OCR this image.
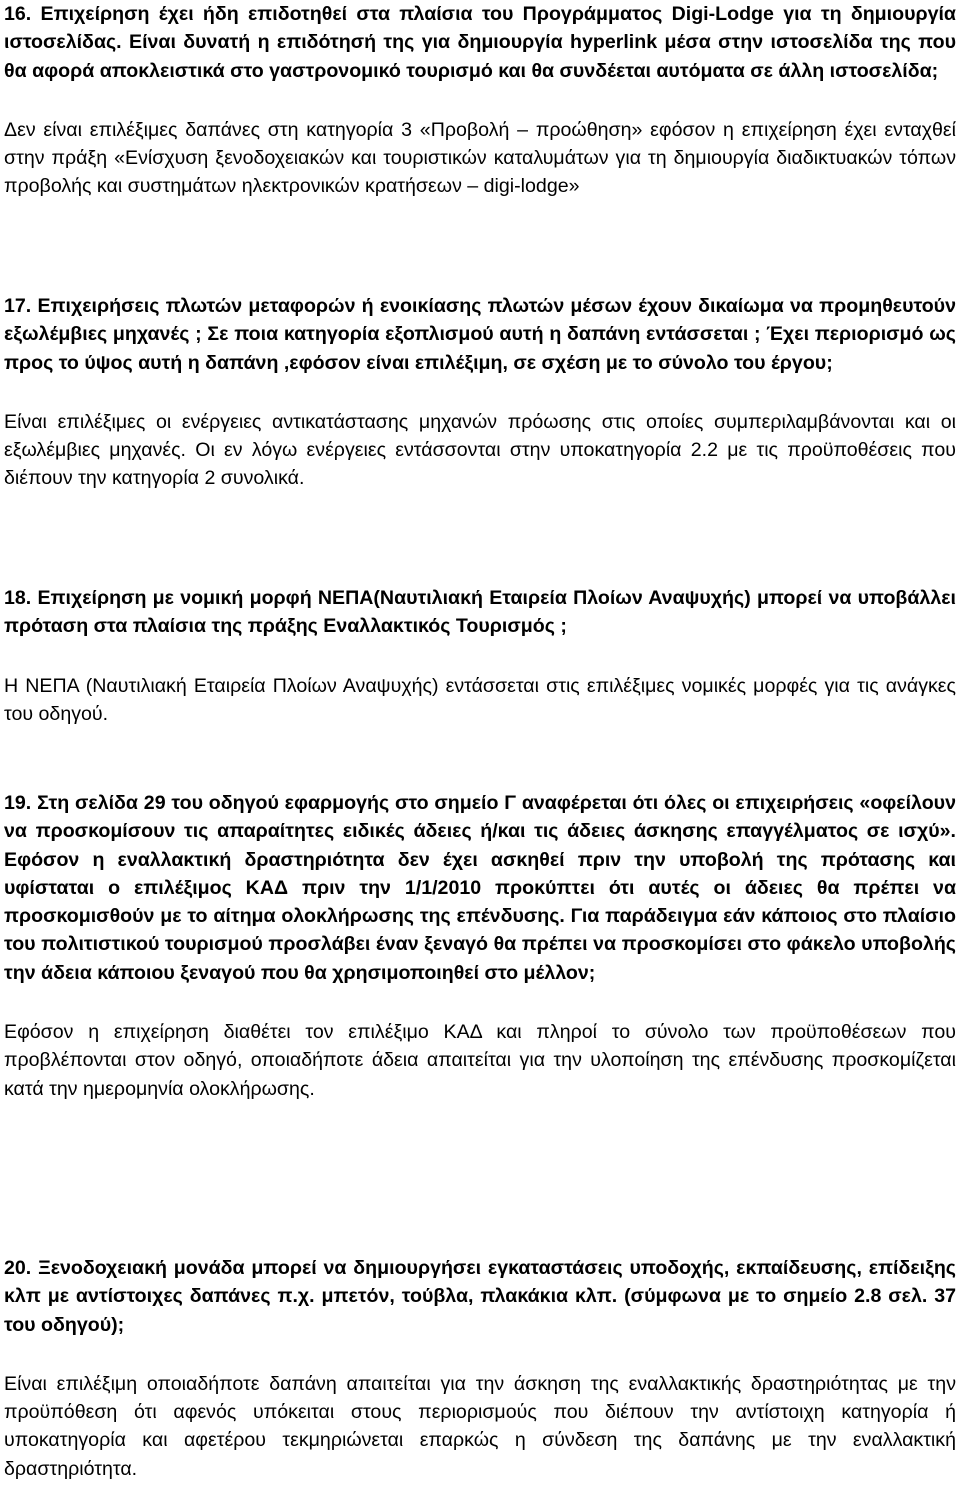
16. Επιχείρηση έχει ήδη επιδοτηθεί στα πλαίσια του Προγράμματος Digi-Lodge για τη δημιουργία ιστοσελίδας. Είναι δυνατή η επιδότησή της για δημιουργία hyperlink μέσα στην ιστοσελίδα της που θα αφορά αποκλειστικά στο γαστρονομικό τουρισμό και θα συνδέεται αυτόματα σε άλλη ιστοσελίδα;

Δεν είναι επιλέξιμες δαπάνες στη κατηγορία 3 «Προβολή – προώθηση» εφόσον η επιχείρηση έχει ενταχθεί στην πράξη «Ενίσχυση ξενοδοχειακών και τουριστικών καταλυμάτων για τη δημιουργία διαδικτυακών τόπων προβολής και συστημάτων ηλεκτρονικών κρατήσεων – digi-lodge»

17. Επιχειρήσεις πλωτών μεταφορών ή ενοικίασης πλωτών μέσων έχουν δικαίωμα να προμηθευτούν εξωλέμβιες μηχανές ; Σε ποια κατηγορία εξοπλισμού αυτή η δαπάνη εντάσσεται ; Έχει περιορισμό ως προς το ύψος αυτή η δαπάνη ,εφόσον είναι επιλέξιμη, σε σχέση με το σύνολο του έργου;

Είναι επιλέξιμες οι ενέργειες αντικατάστασης μηχανών πρόωσης στις οποίες συμπεριλαμβάνονται και οι εξωλέμβιες μηχανές. Οι εν λόγω ενέργειες εντάσσονται στην υποκατηγορία 2.2 με τις προϋποθέσεις που διέπουν την κατηγορία 2 συνολικά.

18. Επιχείρηση με νομική μορφή ΝΕΠΑ(Ναυτιλιακή Εταιρεία Πλοίων Αναψυχής) μπορεί να υποβάλλει πρόταση στα πλαίσια της πράξης Εναλλακτικός Τουρισμός ;

Η ΝΕΠΑ (Ναυτιλιακή Εταιρεία Πλοίων Αναψυχής) εντάσσεται στις επιλέξιμες νομικές μορφές για τις ανάγκες του οδηγού.

19. Στη σελίδα 29 του οδηγού εφαρμογής στο σημείο Γ αναφέρεται ότι όλες οι επιχειρήσεις «οφείλουν να προσκομίσουν τις απαραίτητες ειδικές άδειες ή/και τις άδειες άσκησης επαγγέλματος σε ισχύ». Εφόσον η εναλλακτική δραστηριότητα δεν έχει ασκηθεί πριν την υποβολή της πρότασης και υφίσταται ο επιλέξιμος ΚΑΔ πριν την 1/1/2010 προκύπτει ότι αυτές οι άδειες θα πρέπει να προσκομισθούν με το αίτημα ολοκλήρωσης της επένδυσης. Για παράδειγμα εάν κάποιος στο πλαίσιο του πολιτιστικού τουρισμού προσλάβει έναν ξεναγό θα πρέπει να προσκομίσει στο φάκελο υποβολής την άδεια κάποιου ξεναγού που θα χρησιμοποιηθεί στο μέλλον;

Εφόσον η επιχείρηση διαθέτει τον επιλέξιμο ΚΑΔ και πληροί το σύνολο των προϋποθέσεων που προβλέπονται στον οδηγό, οποιαδήποτε άδεια απαιτείται για την υλοποίηση της επένδυσης προσκομίζεται κατά την ημερομηνία ολοκλήρωσης.

20. Ξενοδοχειακή μονάδα μπορεί να δημιουργήσει εγκαταστάσεις υποδοχής, εκπαίδευσης, επίδειξης κλπ με αντίστοιχες δαπάνες π.χ. μπετόν, τούβλα, πλακάκια κλπ. (σύμφωνα με το σημείο 2.8 σελ. 37 του οδηγού);

Είναι επιλέξιμη οποιαδήποτε δαπάνη απαιτείται για την άσκηση της εναλλακτικής δραστηριότητας με την προϋπόθεση ότι αφενός υπόκειται στους περιορισμούς που διέπουν την αντίστοιχη κατηγορία ή υποκατηγορία και αφετέρου τεκμηριώνεται επαρκώς η σύνδεση της δαπάνης με την εναλλακτική δραστηριότητα.
